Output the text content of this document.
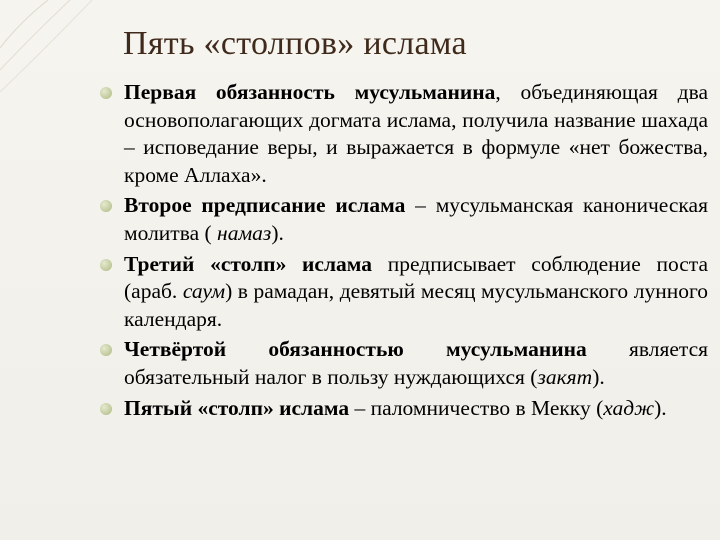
Пять «столпов» ислама
Первая обязанность мусульманина, объединяющая два основополагающих догмата ислама, получила название шахада – исповедание веры, и выражается в формуле «нет божества, кроме Аллаха».
Второе предписание ислама – мусульманская каноническая молитва ( намаз).
Третий «столп» ислама предписывает соблюдение поста (араб. саум) в рамадан, девятый месяц мусульманского лунного календаря.
Четвёртой обязанностью мусульманина является обязательный налог в пользу нуждающихся (закят).
Пятый «столп» ислама – паломничество в Мекку (хадж).
